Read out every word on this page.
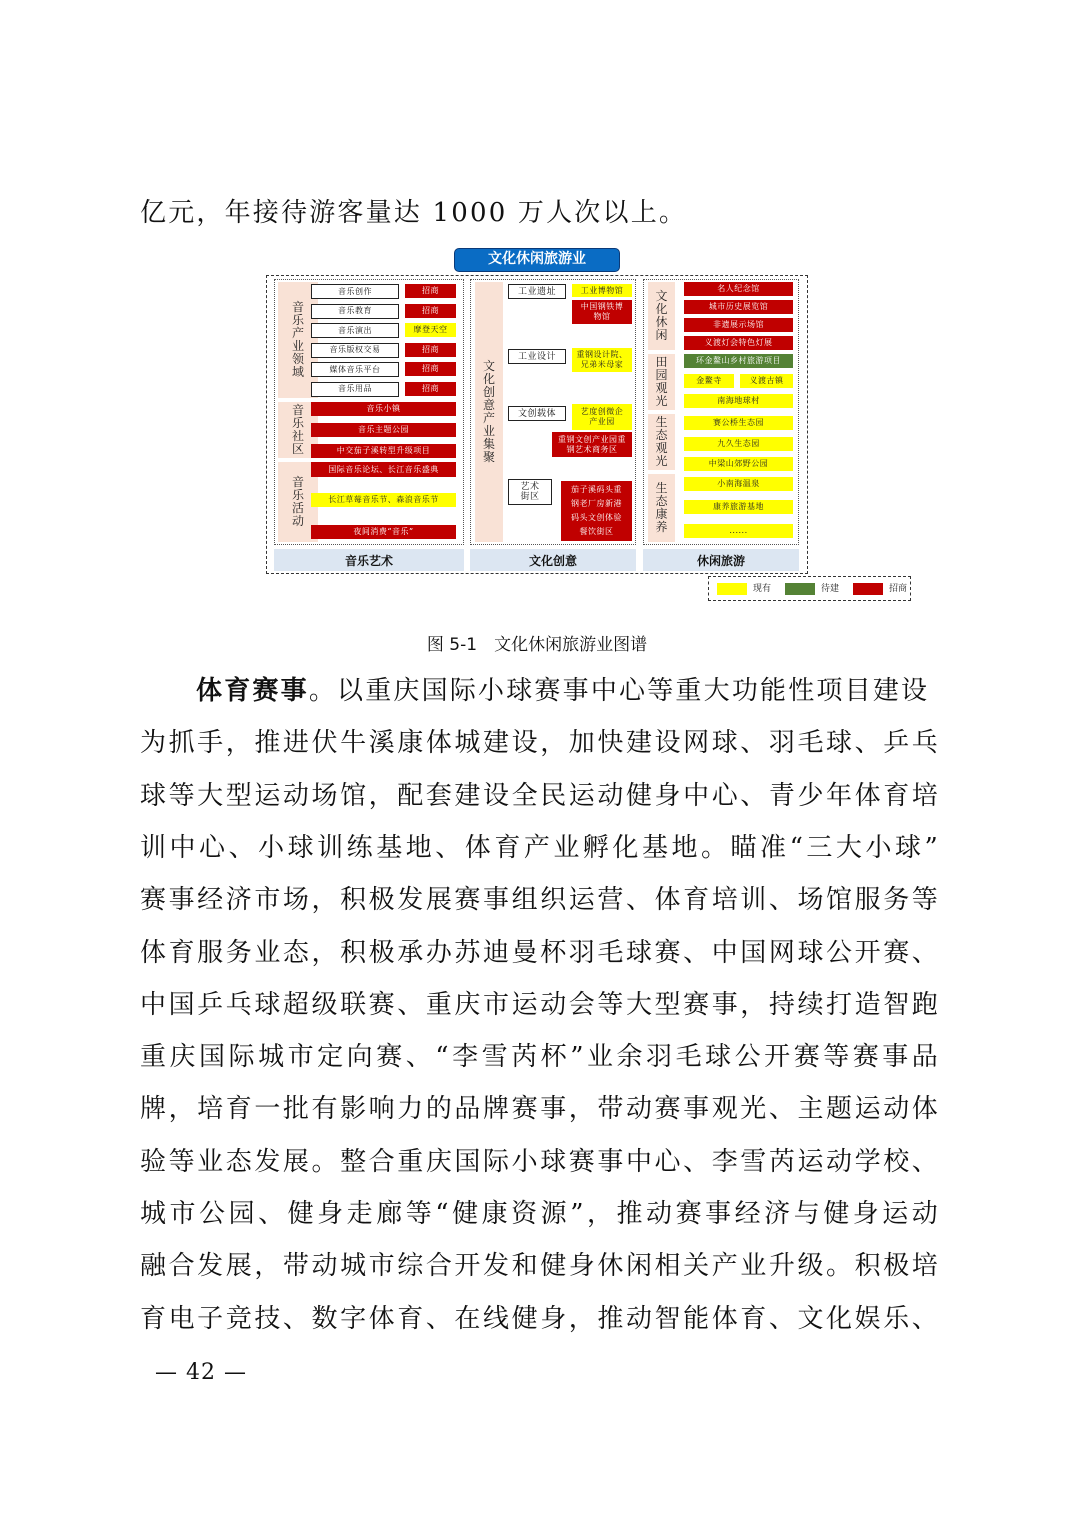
亿元，年接待游客量达 1000 万人次以上。
文化休闲旅游业
音乐产业领域
音乐社区
音乐活动
音乐创作	招商
音乐教育	招商
音乐演出	摩登天空
音乐版权交易	招商
媒体音乐平台	招商
音乐用品	招商
音乐小镇
音乐主题公园
中交茄子溪转型升级项目
国际音乐论坛、长江音乐盛典
长江草莓音乐节、森浪音乐节
夜间消费“音乐”
音乐艺术
文化创意产业集聚
工业遗址	工业博物馆
中国钢铁博物馆
工业设计	重钢设计院、兄弟米母家
文创载体	艺度创微企产业园
重钢文创产业园重钢艺术商务区
艺术街区
茄子溪码头重钢老厂房新港码头文创体验餐饮街区
文化创意
文化休闲
田园观光
生态观光
生态康养
名人纪念馆
城市历史展览馆
非遗展示场馆
义渡灯会特色灯展
环金鳌山乡村旅游项目
金鳌寺	义渡古镇
南海地球村
赛公桥生态园
九久生态园
中梁山郊野公园
小南海温泉
康养旅游基地
......
休闲旅游
现有	待建	招商
图 5-1　文化休闲旅游业图谱
体育赛事。以重庆国际小球赛事中心等重大功能性项目建设
为抓手，推进伏牛溪康体城建设，加快建设网球、羽毛球、乒乓
球等大型运动场馆，配套建设全民运动健身中心、青少年体育培
训中心、小球训练基地、体育产业孵化基地。瞄准“三大小球”
赛事经济市场，积极发展赛事组织运营、体育培训、场馆服务等
体育服务业态，积极承办苏迪曼杯羽毛球赛、中国网球公开赛、
中国乒乓球超级联赛、重庆市运动会等大型赛事，持续打造智跑
重庆国际城市定向赛、“李雪芮杯”业余羽毛球公开赛等赛事品
牌，培育一批有影响力的品牌赛事，带动赛事观光、主题运动体
验等业态发展。整合重庆国际小球赛事中心、李雪芮运动学校、
城市公园、健身走廊等“健康资源”，推动赛事经济与健身运动
融合发展，带动城市综合开发和健身休闲相关产业升级。积极培
育电子竞技、数字体育、在线健身，推动智能体育、文化娱乐、
— 42 —
